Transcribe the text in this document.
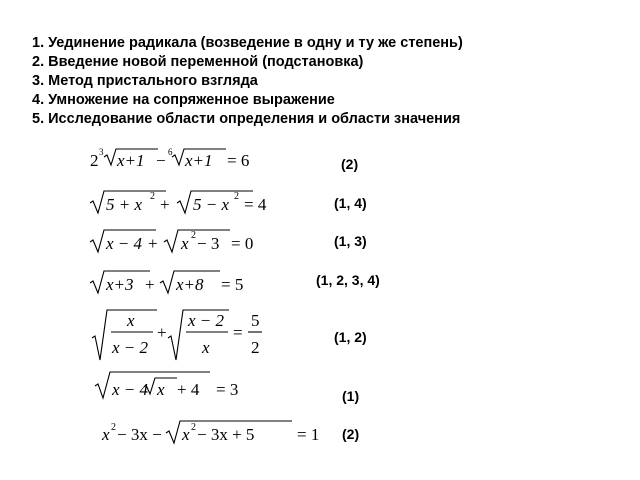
1. Уединение радикала (возведение в одну и ту же степень)
2. Введение новой переменной (подстановка)
3. Метод пристального взгляда
4. Умножение на сопряженное выражение
5. Исследование области определения и области значения
2 3 x+1 − 6 x+1 = 6
5 + x 2 + 5 − x 2 = 4
x − 4 + x 2 − 3 = 0
x+3 + x+8 = 5
x
x − 2
+
x − 2
x
=
5
2
x − 4 x + 4 = 3
x 2 − 3x − x 2 − 3x + 5	= 1
(2)
(1, 4)
(1, 3)
(1, 2, 3, 4)
(1, 2)
(1)
(2)
